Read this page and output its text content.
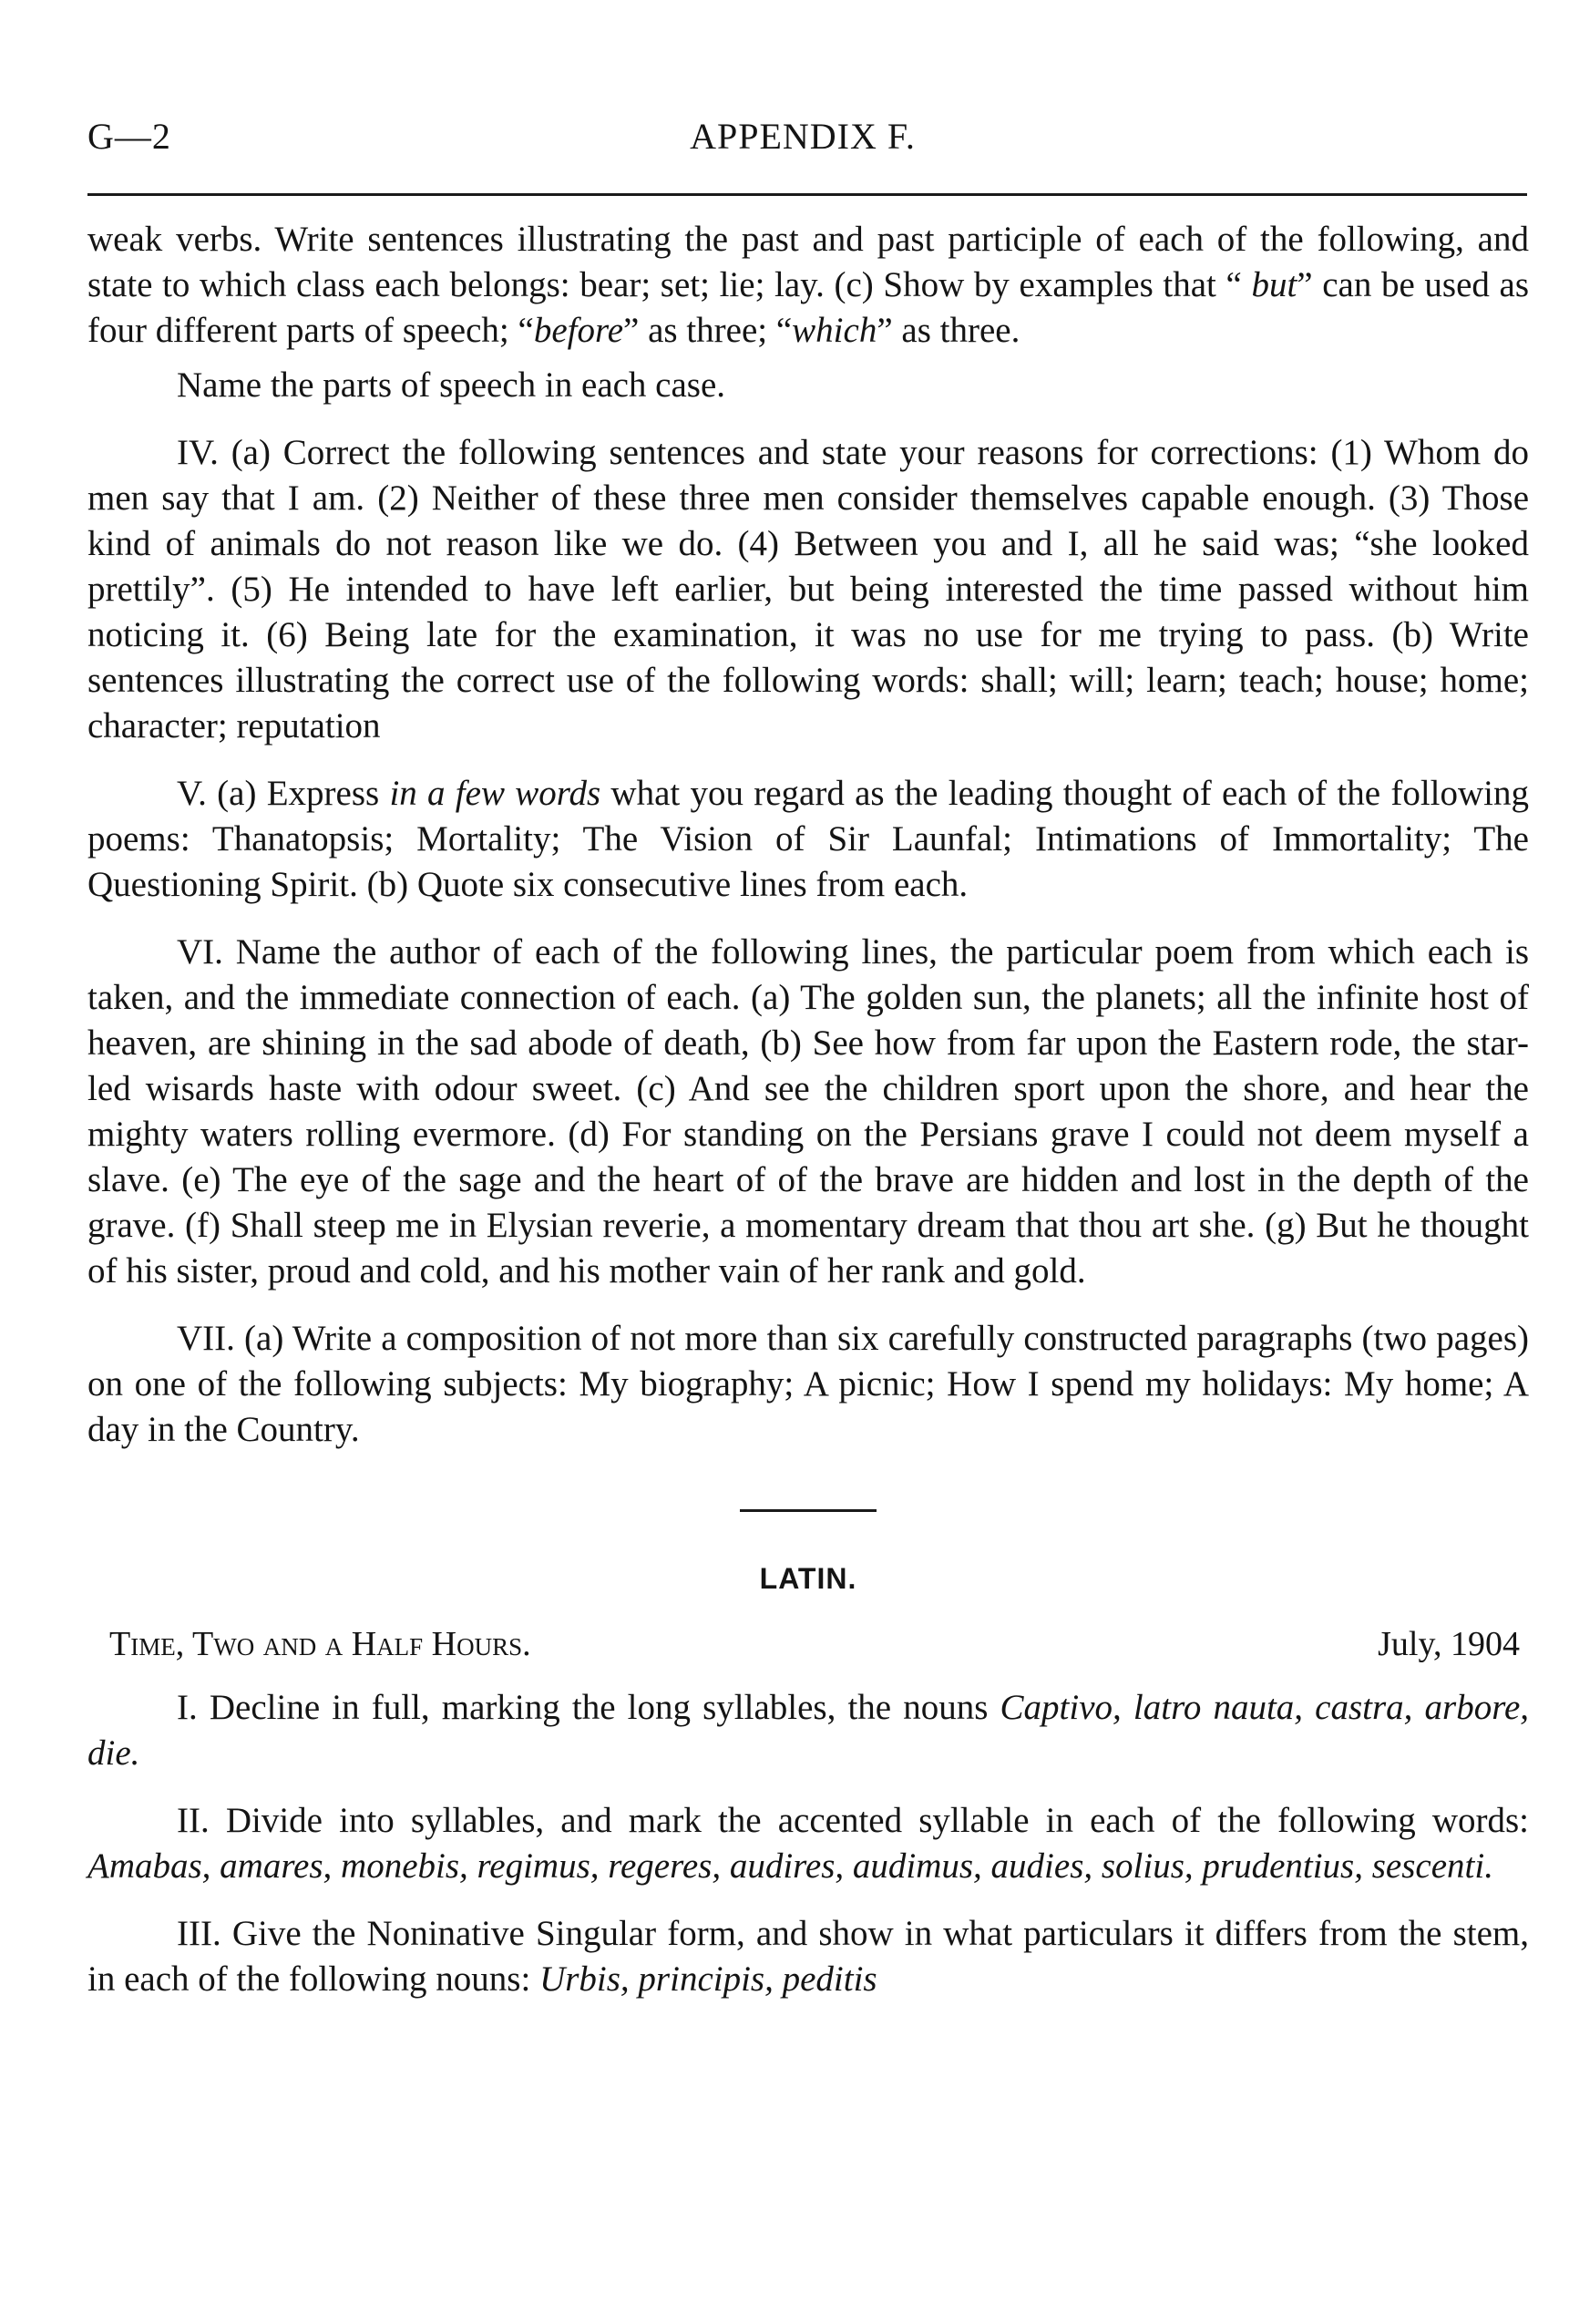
G—2	APPENDIX F.

weak verbs. Write sentences illustrating the past and past participle of each of the following, and state to which class each belongs: bear; set; lie; lay. (c) Show by examples that “ but” can be used as four different parts of speech; “before” as three; “which” as three.

Name the parts of speech in each case.

IV. (a) Correct the following sentences and state your reasons for corrections: (1) Whom do men say that I am. (2) Neither of these three men consider themselves capable enough. (3) Those kind of animals do not reason like we do. (4) Between you and I, all he said was; “she looked prettily”. (5) He intended to have left earlier, but being interested the time passed without him noticing it. (6) Being late for the examination, it was no use for me trying to pass. (b) Write sentences illustrating the correct use of the following words: shall; will; learn; teach; house; home; character; reputation

V. (a) Express in a few words what you regard as the leading thought of each of the following poems: Thanatopsis; Mortality; The Vision of Sir Launfal; Intimations of Immortality; The Questioning Spirit. (b) Quote six consecutive lines from each.

VI. Name the author of each of the following lines, the particular poem from which each is taken, and the immediate connection of each. (a) The golden sun, the planets; all the infinite host of heaven, are shining in the sad abode of death, (b) See how from far upon the Eastern rode, the star-led wisards haste with odour sweet. (c) And see the children sport upon the shore, and hear the mighty waters rolling evermore. (d) For standing on the Persians grave I could not deem myself a slave. (e) The eye of the sage and the heart of of the brave are hidden and lost in the depth of the grave. (f) Shall steep me in Elysian reverie, a momentary dream that thou art she. (g) But he thought of his sister, proud and cold, and his mother vain of her rank and gold.

VII. (a) Write a composition of not more than six carefully constructed paragraphs (two pages) on one of the following subjects: My biography; A picnic; How I spend my holidays: My home; A day in the Country.

LATIN.
Time, Two and a Half Hours.	July, 1904

I. Decline in full, marking the long syllables, the nouns Captivo, latro nauta, castra, arbore, die.

II. Divide into syllables, and mark the accented syllable in each of the following words: Amabas, amares, monebis, regimus, regeres, audires, audimus, audies, solius, prudentius, sescenti.

III. Give the Noninative Singular form, and show in what particulars it differs from the stem, in each of the following nouns: Urbis, principis, peditis
